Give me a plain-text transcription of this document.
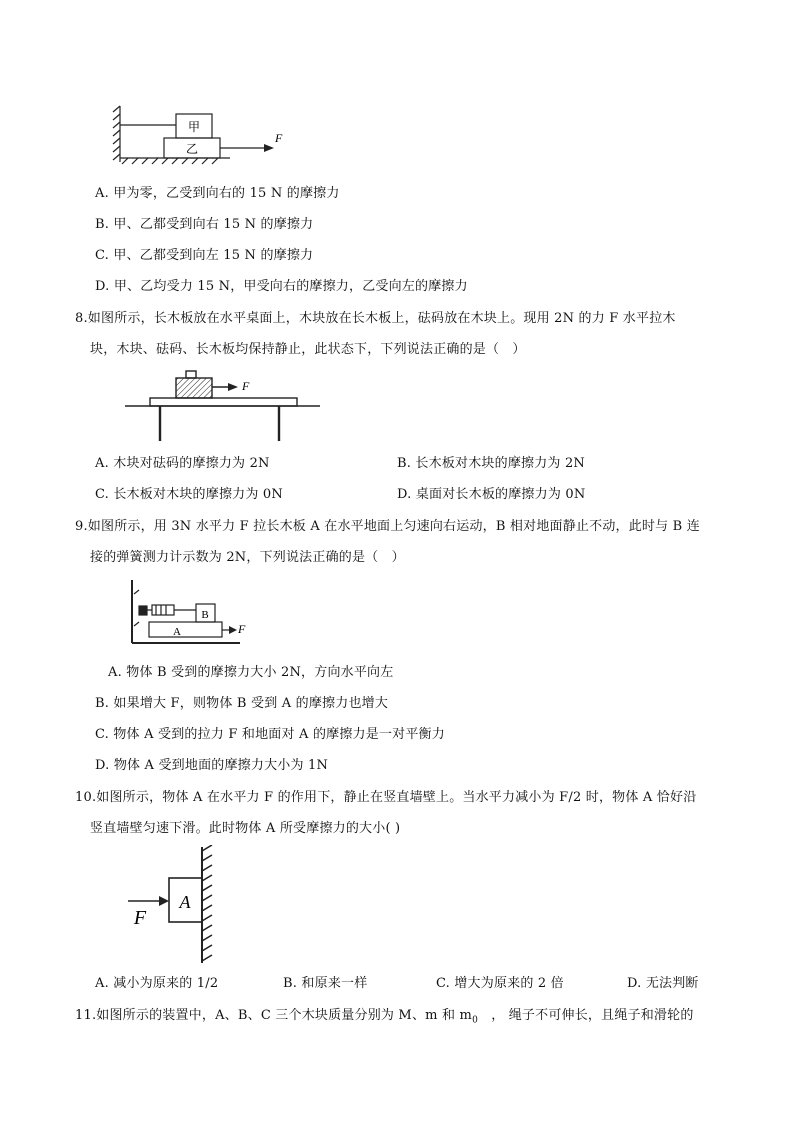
甲
乙
F
A. 甲为零，乙受到向右的 15 N 的摩擦力
B. 甲、乙都受到向右 15 N 的摩擦力
C. 甲、乙都受到向左 15 N 的摩擦力
D. 甲、乙均受力 15 N，甲受向右的摩擦力，乙受向左的摩擦力
8.如图所示，长木板放在水平桌面上，木块放在长木板上，砝码放在木块上。现用 2N 的力 F 水平拉木
块，木块、砝码、长木板均保持静止，此状态下，下列说法正确的是（　）
F
A. 木块对砝码的摩擦力为 2N	B. 长木板对木块的摩擦力为 2N
C. 长木板对木块的摩擦力为 0N	D. 桌面对长木板的摩擦力为 0N
9.如图所示，用 3N 水平力 F 拉长木板 A 在水平地面上匀速向右运动，B 相对地面静止不动，此时与 B 连
接的弹簧测力计示数为 2N，下列说法正确的是（　）
B
A	F
A. 物体 B 受到的摩擦力大小 2N，方向水平向左
B. 如果增大 F，则物体 B 受到 A 的摩擦力也增大
C. 物体 A 受到的拉力 F 和地面对 A 的摩擦力是一对平衡力
D. 物体 A 受到地面的摩擦力大小为 1N
10.如图所示，物体 A 在水平力 F 的作用下，静止在竖直墙壁上。当水平力减小为 F/2 时，物体 A 恰好沿
竖直墙壁匀速下滑。此时物体 A 所受摩擦力的大小( )
A
F
A. 减小为原来的 1/2	B. 和原来一样	C. 增大为原来的 2 倍	D. 无法判断
11.如图所示的装置中，A、B、C 三个木块质量分别为 M、m 和 $m_0$　， 绳子不可伸长，且绳子和滑轮的
